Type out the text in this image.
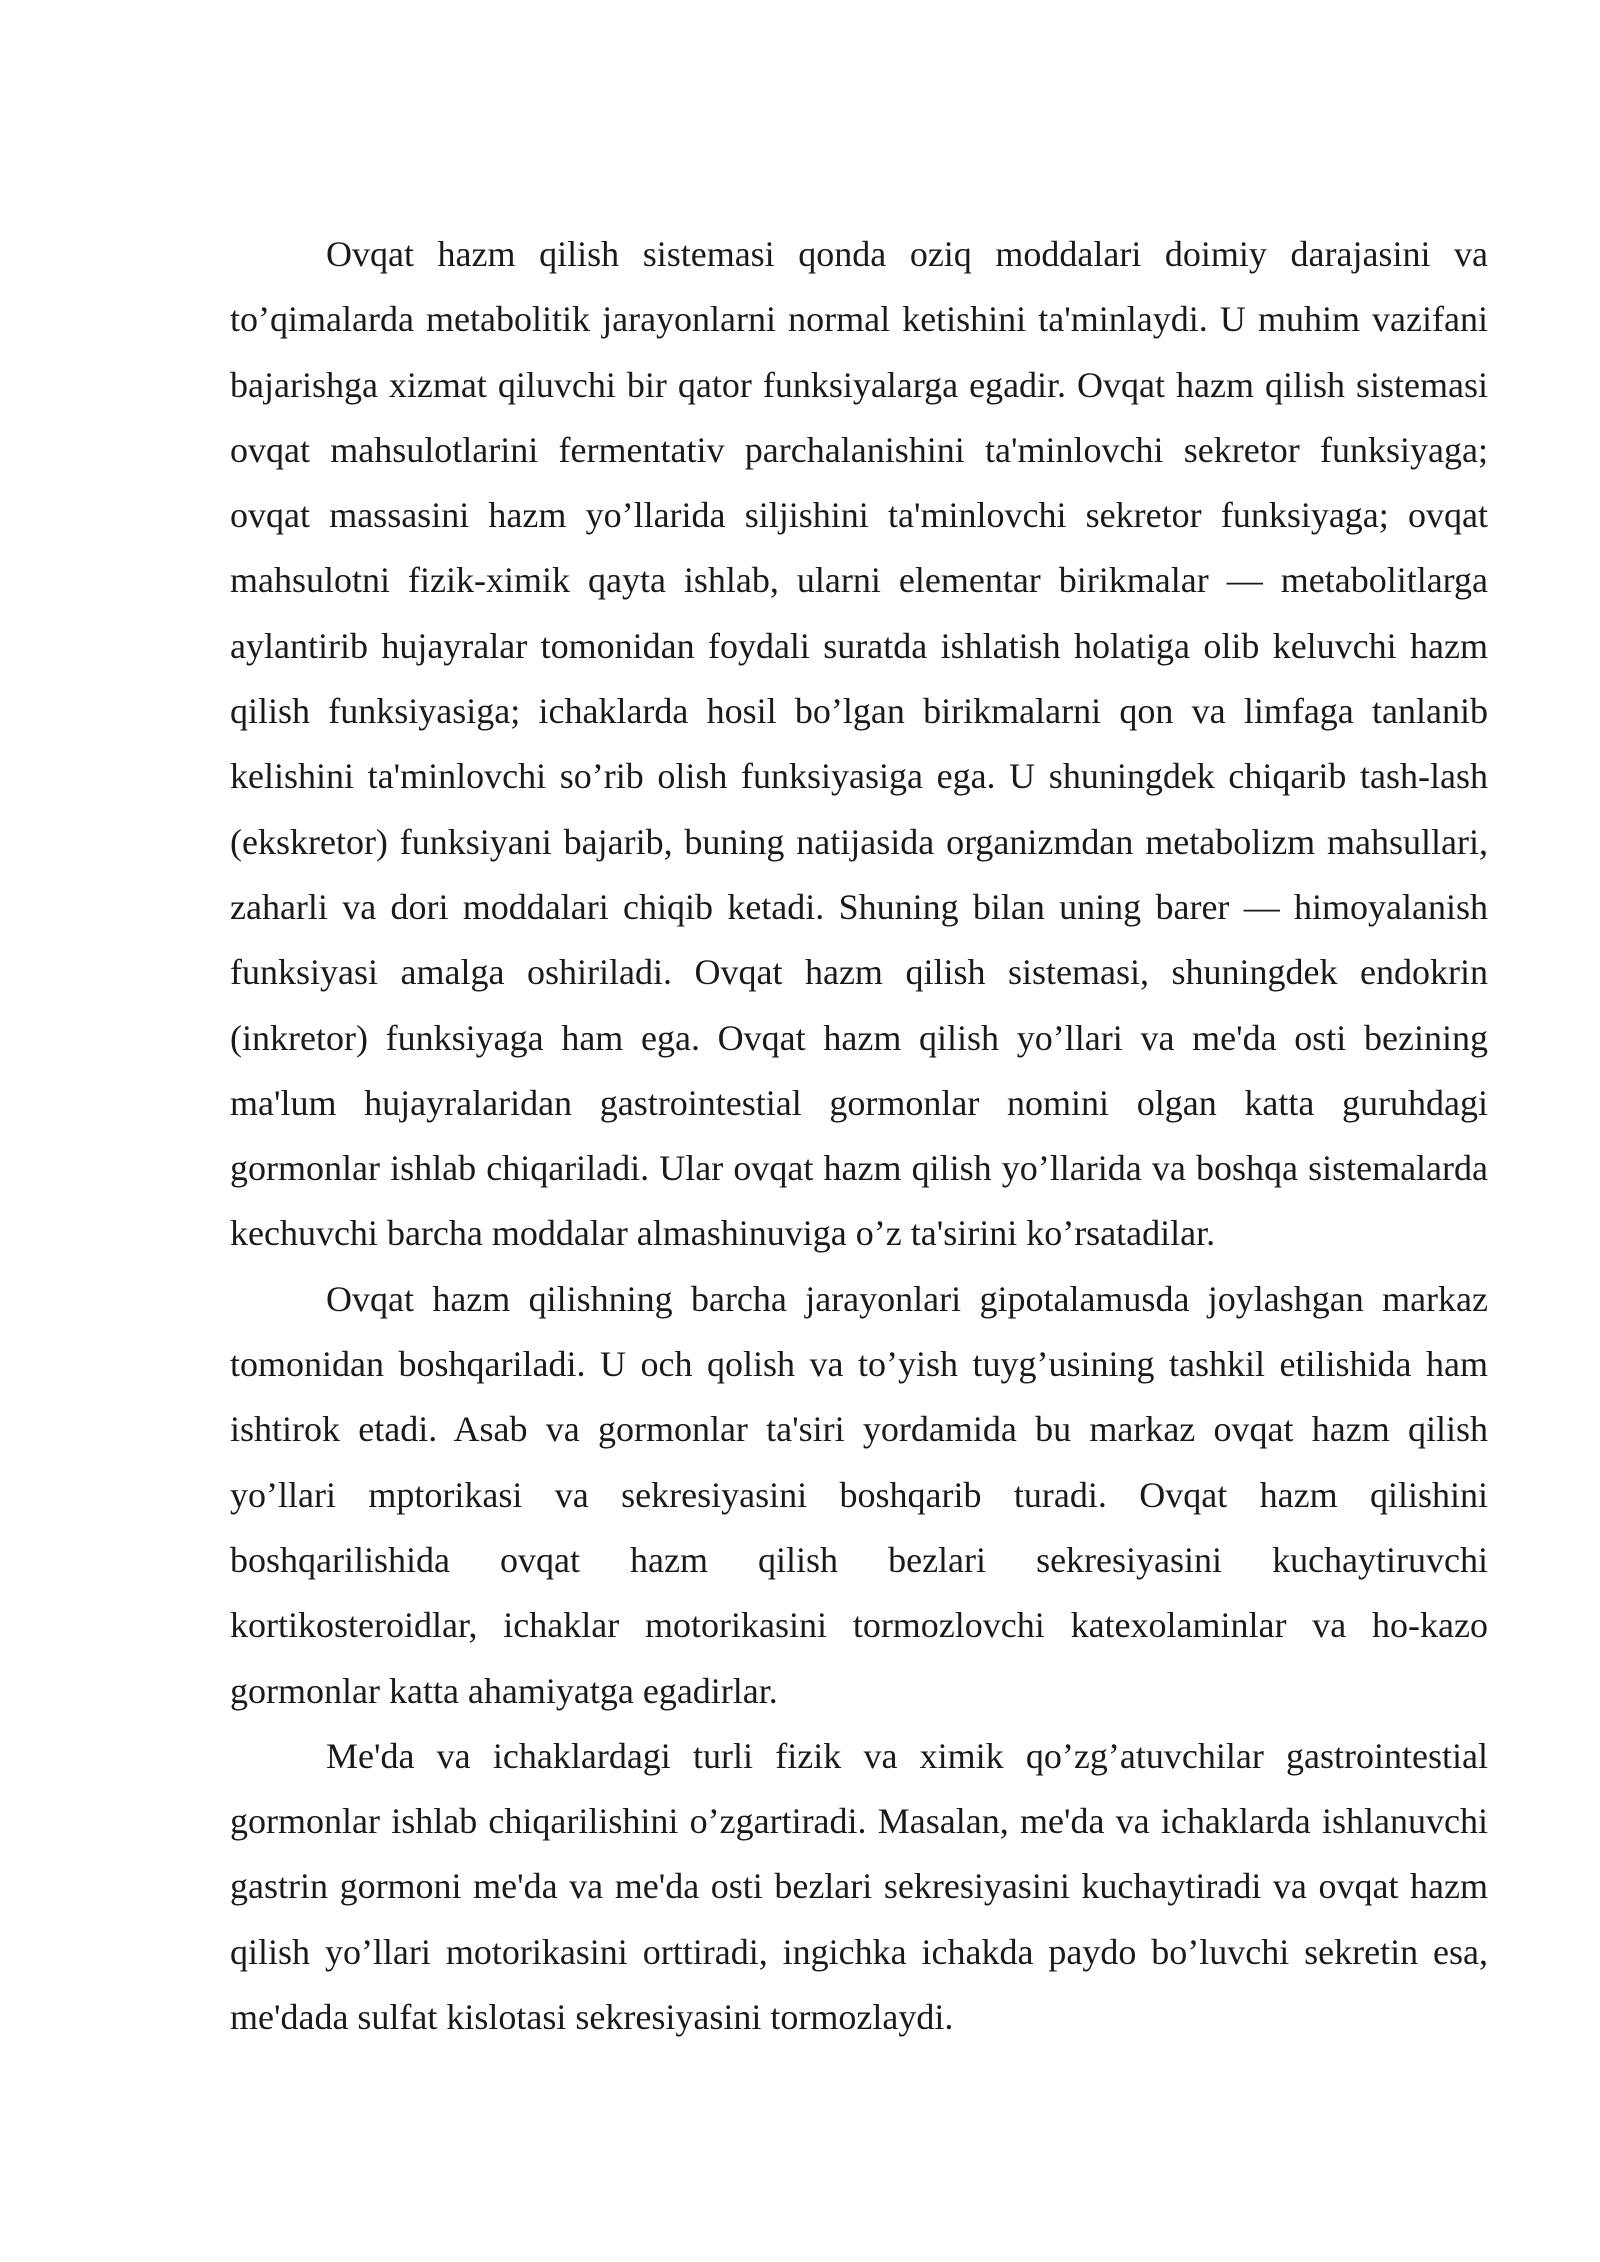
Ovqat hazm qilish sistemasi qonda oziq moddalari doimiy darajasini va to’qimalarda metabolitik jarayonlarni normal ketishini ta'minlaydi. U muhim vazifani bajarishga xizmat qiluvchi bir qator funksiyalarga egadir. Ovqat hazm qilish sistemasi ovqat mahsulotlarini fermentativ parchalanishini ta'minlovchi sekretor funksiyaga; ovqat massasini hazm yo’llarida siljishini ta'minlovchi sekretor funksiyaga; ovqat mahsulotni fizik-ximik qayta ishlab, ularni elementar birikmalar — metabolitlarga aylantirib hujayralar tomonidan foydali suratda ishlatish holatiga olib keluvchi hazm qilish funksiyasiga; ichaklarda hosil bo’lgan birikmalarni qon va limfaga tanlanib kelishini ta'minlovchi so’rib olish funksiyasiga ega. U shuningdek chiqarib tash-lash (ekskretor) funksiyani bajarib, buning natijasida organizmdan metabolizm mahsullari, zaharli va dori moddalari chiqib ketadi. Shuning bilan uning barer — himoyalanish funksiyasi amalga oshiriladi. Ovqat hazm qilish sistemasi, shuningdek endokrin (inkretor) funksiyaga ham ega. Ovqat hazm qilish yo’llari va me'da osti bezining ma'lum hujayralaridan gastrointestial gormonlar nomini olgan katta guruhdagi gormonlar ishlab chiqariladi. Ular ovqat hazm qilish yo’llarida va boshqa sistemalarda kechuvchi barcha moddalar almashinuviga o’z ta'sirini ko’rsatadilar.

Ovqat hazm qilishning barcha jarayonlari gipotalamusda joylashgan markaz tomonidan boshqariladi. U och qolish va to’yish tuyg’usining tashkil etilishida ham ishtirok etadi. Asab va gormonlar ta'siri yordamida bu markaz ovqat hazm qilish yo’llari mptorikasi va sekresiyasini boshqarib turadi. Ovqat hazm qilishini boshqarilishida ovqat hazm qilish bezlari sekresiyasini kuchaytiruvchi kortikosteroidlar, ichaklar motorikasini tormozlovchi katexolaminlar va ho-kazo gormonlar katta ahamiyatga egadirlar.

Me'da va ichaklardagi turli fizik va ximik qo’zg’atuvchilar gastrointestial gormonlar ishlab chiqarilishini o’zgartiradi. Masalan, me'da va ichaklarda ishlanuvchi gastrin gormoni me'da va me'da osti bezlari sekresiyasini kuchaytiradi va ovqat hazm qilish yo’llari motorikasini orttiradi, ingichka ichakda paydo bo’luvchi sekretin esa, me'dada sulfat kislotasi sekresiyasini tormozlaydi.
